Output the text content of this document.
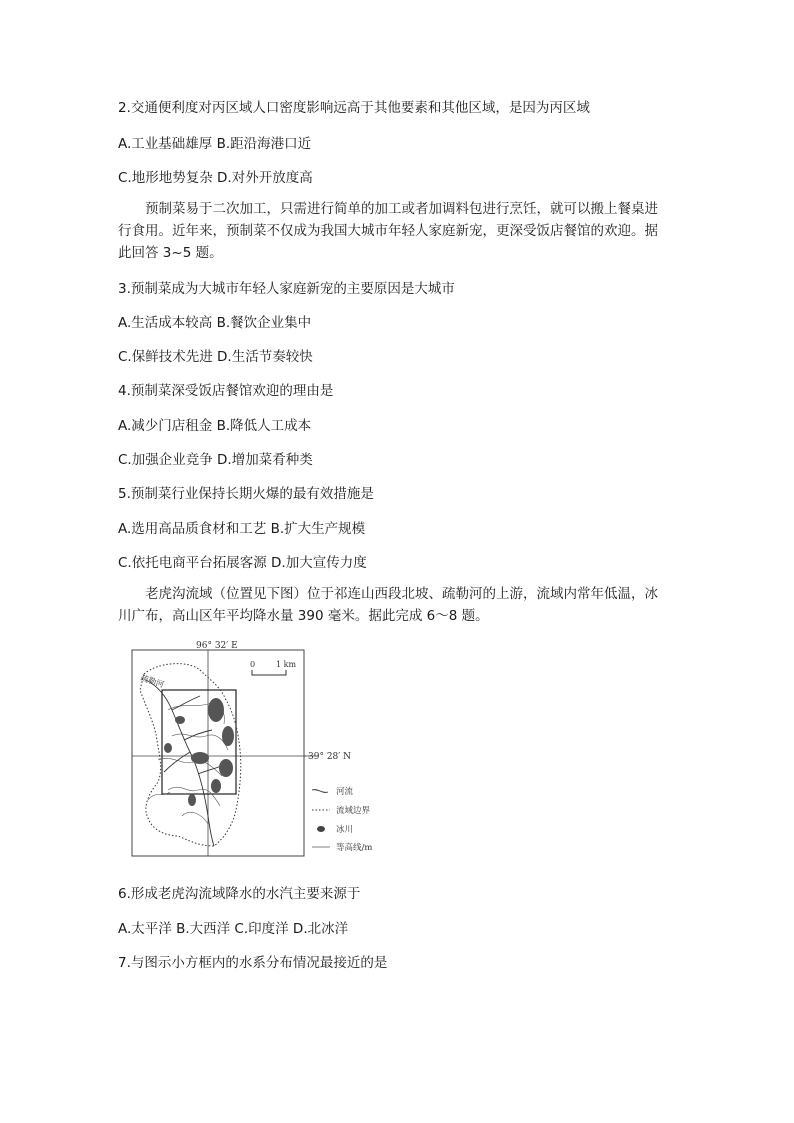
2.交通便利度对丙区域人口密度影响远高于其他要素和其他区域，是因为丙区域
A.工业基础雄厚 B.距沿海港口近
C.地形地势复杂 D.对外开放度高
预制菜易于二次加工，只需进行简单的加工或者加调料包进行烹饪，就可以搬上餐桌进
行食用。近年来，预制菜不仅成为我国大城市年轻人家庭新宠，更深受饭店餐馆的欢迎。据
此回答 3~5 题。
3.预制菜成为大城市年轻人家庭新宠的主要原因是大城市
A.生活成本较高 B.餐饮企业集中
C.保鲜技术先进 D.生活节奏较快
4.预制菜深受饭店餐馆欢迎的理由是
A.减少门店租金 B.降低人工成本
C.加强企业竞争 D.增加菜肴种类
5.预制菜行业保持长期火爆的最有效措施是
A.选用高品质食材和工艺 B.扩大生产规模
C.依托电商平台拓展客源 D.加大宣传力度
老虎沟流域（位置见下图）位于祁连山西段北坡、疏勒河的上游，流域内常年低温，冰
川广布，高山区年平均降水量 390 毫米。据此完成 6～8 题。
96° 32′ E
39° 28′ N
0	1 km
疏勒河
河流
流域边界
冰川
等高线/m
6.形成老虎沟流域降水的水汽主要来源于
A.太平洋 B.大西洋 C.印度洋 D.北冰洋
7.与图示小方框内的水系分布情况最接近的是
